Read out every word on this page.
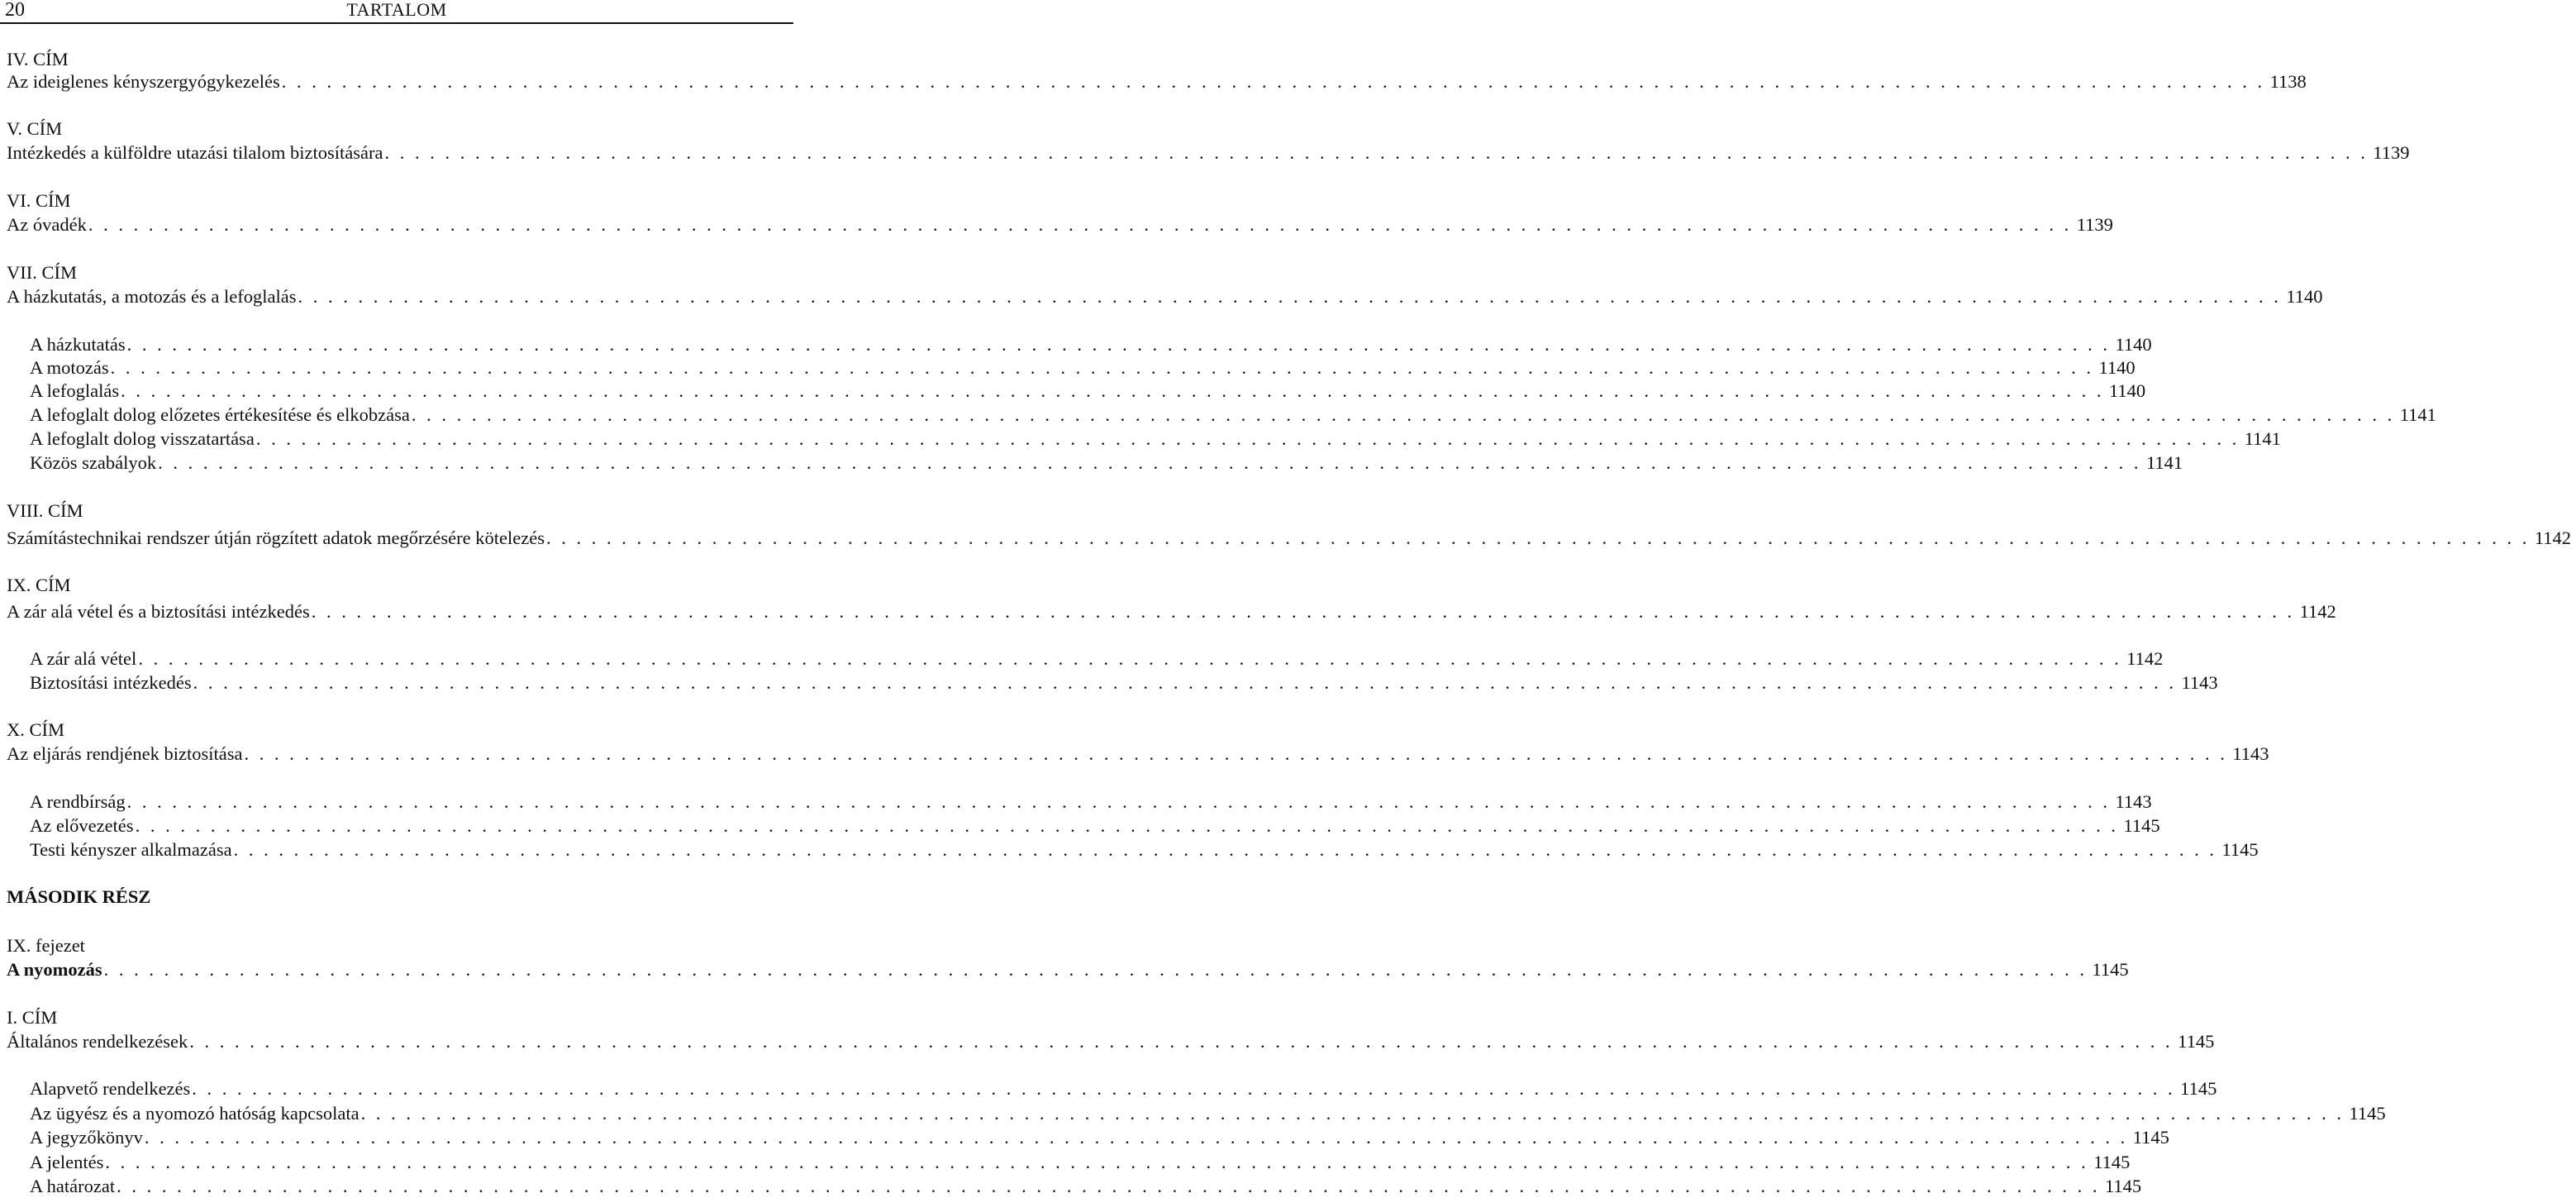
20	TARTALOM
IV. CÍM
Az ideiglenes kényszergyógykezelés . . .	1138
V. CÍM
Intézkedés a külföldre utazási tilalom biztosítására . . .	1139
VI. CÍM
Az óvadék . . .	1139
VII. CÍM
A házkutatás, a motozás és a lefoglalás . . .	1140
A házkutatás . . .	1140
A motozás . . .	1140
A lefoglalás . . .	1140
A lefoglalt dolog előzetes értékesítése és elkobzása . . .	1141
A lefoglalt dolog visszatartása . . .	1141
Közös szabályok . . .	1141
VIII. CÍM
Számítástechnikai rendszer útján rögzített adatok megőrzésére kötelezés . . .	1142
IX. CÍM
A zár alá vétel és a biztosítási intézkedés . . .	1142
A zár alá vétel . . .	1142
Biztosítási intézkedés . . .	1143
X. CÍM
Az eljárás rendjének biztosítása . . .	1143
A rendbírság . . .	1143
Az elővezetés . . .	1145
Testi kényszer alkalmazása . . .	1145
MÁSODIK RÉSZ
IX. fejezet
A nyomozás . . .	1145
I. CÍM
Általános rendelkezések . . .	1145
Alapvető rendelkezés . . .	1145
Az ügyész és a nyomozó hatóság kapcsolata . . .	1145
A jegyzőkönyv . . .	1145
A jelentés . . .	1145
A határozat . . .	1145
